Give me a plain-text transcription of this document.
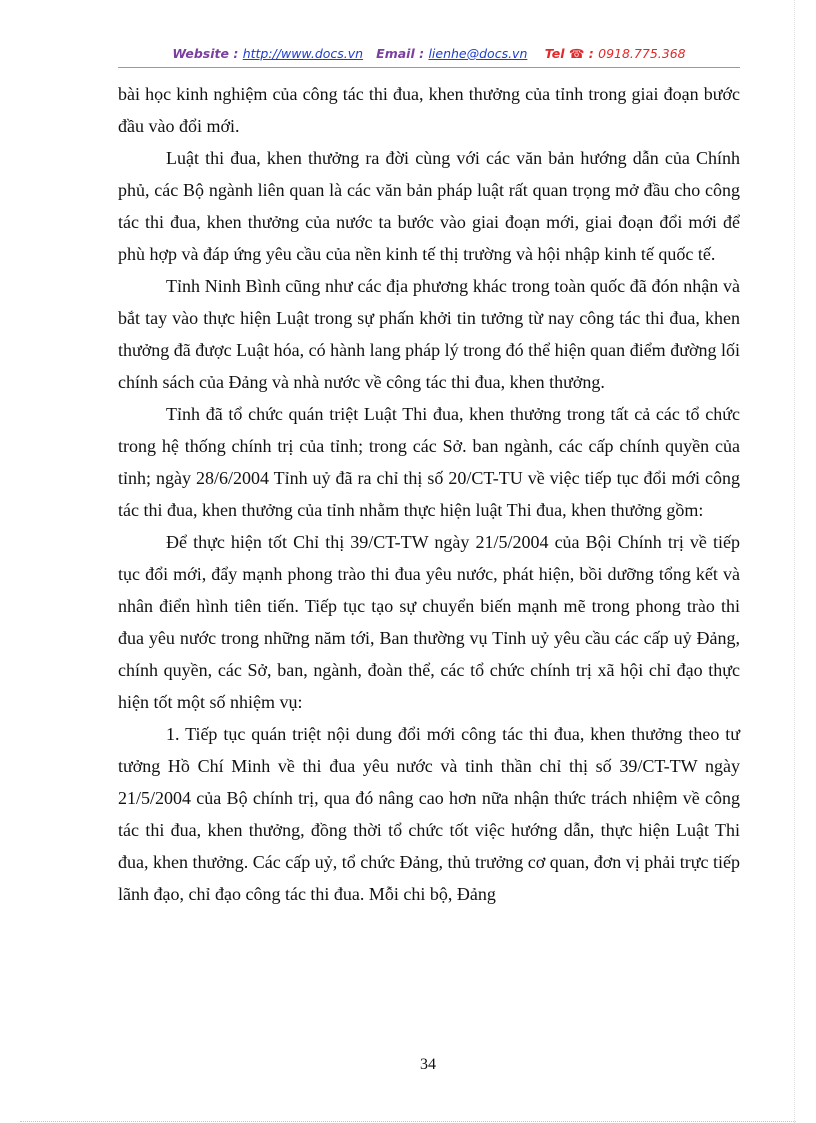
Website : http://www.docs.vn Email : lienhe@docs.vn Tel ☎ : 0918.775.368

bài học kinh nghiệm của công tác thi đua, khen thưởng của tỉnh trong giai đoạn bước đầu vào đổi mới.

Luật thi đua, khen thưởng ra đời cùng với các văn bản hướng dẫn của Chính phủ, các Bộ ngành liên quan là các văn bản pháp luật rất quan trọng mở đầu cho công tác thi đua, khen thưởng của nước ta bước vào giai đoạn mới, giai đoạn đổi mới để phù hợp và đáp ứng yêu cầu của nền kinh tế thị trường và hội nhập kinh tế quốc tế.

Tỉnh Ninh Bình cũng như các địa phương khác trong toàn quốc đã đón nhận và bắt tay vào thực hiện Luật trong sự phấn khởi tin tưởng từ nay công tác thi đua, khen thưởng đã được Luật hóa, có hành lang pháp lý trong đó thể hiện quan điểm đường lối chính sách của Đảng và nhà nước về công tác thi đua, khen thưởng.

Tỉnh đã tổ chức quán triệt Luật Thi đua, khen thưởng trong tất cả các tổ chức trong hệ thống chính trị của tỉnh; trong các Sở. ban ngành, các cấp chính quyền của tỉnh; ngày 28/6/2004 Tỉnh uỷ đã ra chỉ thị số 20/CT-TU về việc tiếp tục đổi mới công tác thi đua, khen thưởng của tỉnh nhằm thực hiện luật Thi đua, khen thưởng gồm:

Để thực hiện tốt Chỉ thị 39/CT-TW ngày 21/5/2004 của Bội Chính trị về tiếp tục đổi mới, đẩy mạnh phong trào thi đua yêu nước, phát hiện, bồi dưỡng tổng kết và nhân điển hình tiên tiến. Tiếp tục tạo sự chuyển biến mạnh mẽ trong phong trào thi đua yêu nước trong những năm tới, Ban thường vụ Tỉnh uỷ yêu cầu các cấp uỷ Đảng, chính quyền, các Sở, ban, ngành, đoàn thể, các tổ chức chính trị xã hội chỉ đạo thực hiện tốt một số nhiệm vụ:

1. Tiếp tục quán triệt nội dung đổi mới công tác thi đua, khen thưởng theo tư tưởng Hồ Chí Minh về thi đua yêu nước và tinh thần chỉ thị số 39/CT-TW ngày 21/5/2004 của Bộ chính trị, qua đó nâng cao hơn nữa nhận thức trách nhiệm về công tác thi đua, khen thưởng, đồng thời tổ chức tốt việc hướng dẫn, thực hiện Luật Thi đua, khen thưởng. Các cấp uỷ, tổ chức Đảng, thủ trưởng cơ quan, đơn vị phải trực tiếp lãnh đạo, chỉ đạo công tác thi đua. Mỗi chi bộ, Đảng

34
